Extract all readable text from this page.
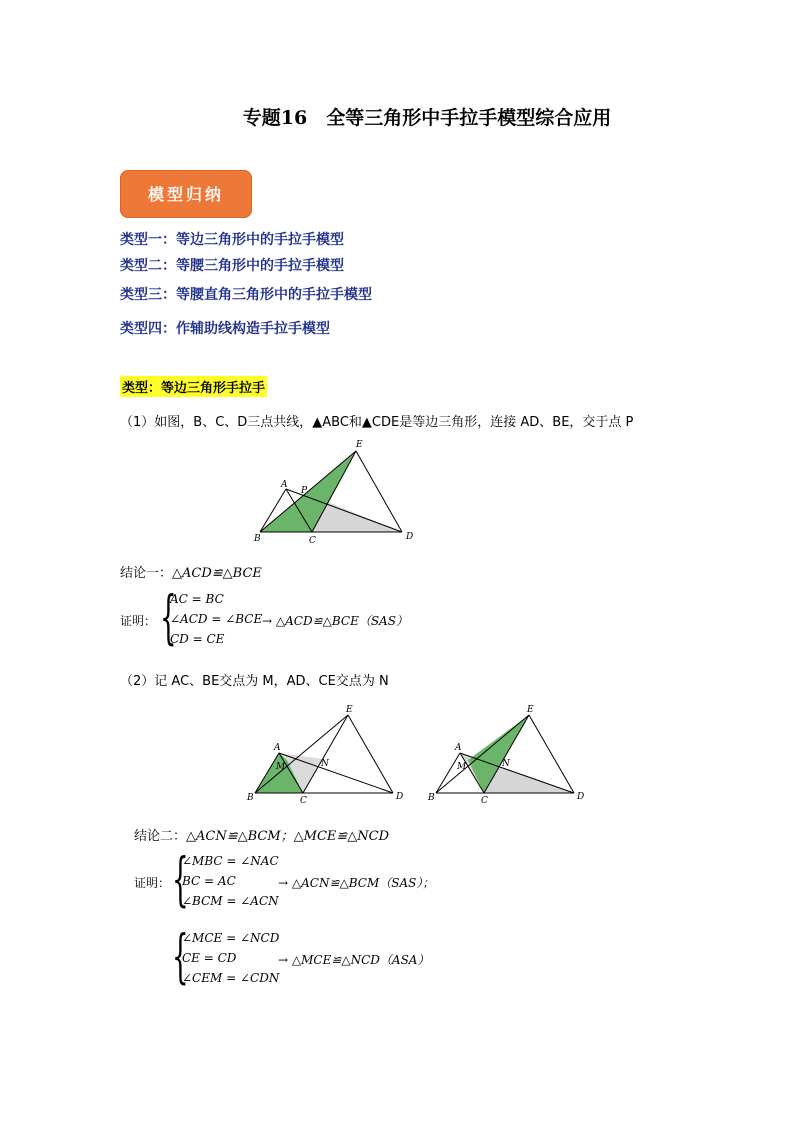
专题16　全等三角形中手拉手模型综合应用
模型归纳
类型一：等边三角形中的手拉手模型
类型二：等腰三角形中的手拉手模型
类型三：等腰直角三角形中的手拉手模型
类型四：作辅助线构造手拉手模型
类型：等边三角形手拉手
（1）如图，B、C、D三点共线，▲ABC和▲CDE是等边三角形，连接 AD、BE，交于点 P
E
A
P
B	C	D
结论一：△ACD≌△BCE
证明： {
AC = BC
∠ACD = ∠BCE
CD = CE
→ △ACD≌△BCE（SAS）
（2）记 AC、BE交点为 M，AD、CE交点为 N
E
A
M	N
B	C	D
E
A
M	N
B	C	D
结论二：△ACN≌△BCM；△MCE≌△NCD
证明： {
∠MBC = ∠NAC
BC = AC
∠BCM = ∠ACN
→ △ACN≌△BCM（SAS）；
{
∠MCE = ∠NCD
CE = CD
∠CEM = ∠CDN
→ △MCE≌△NCD（ASA）
